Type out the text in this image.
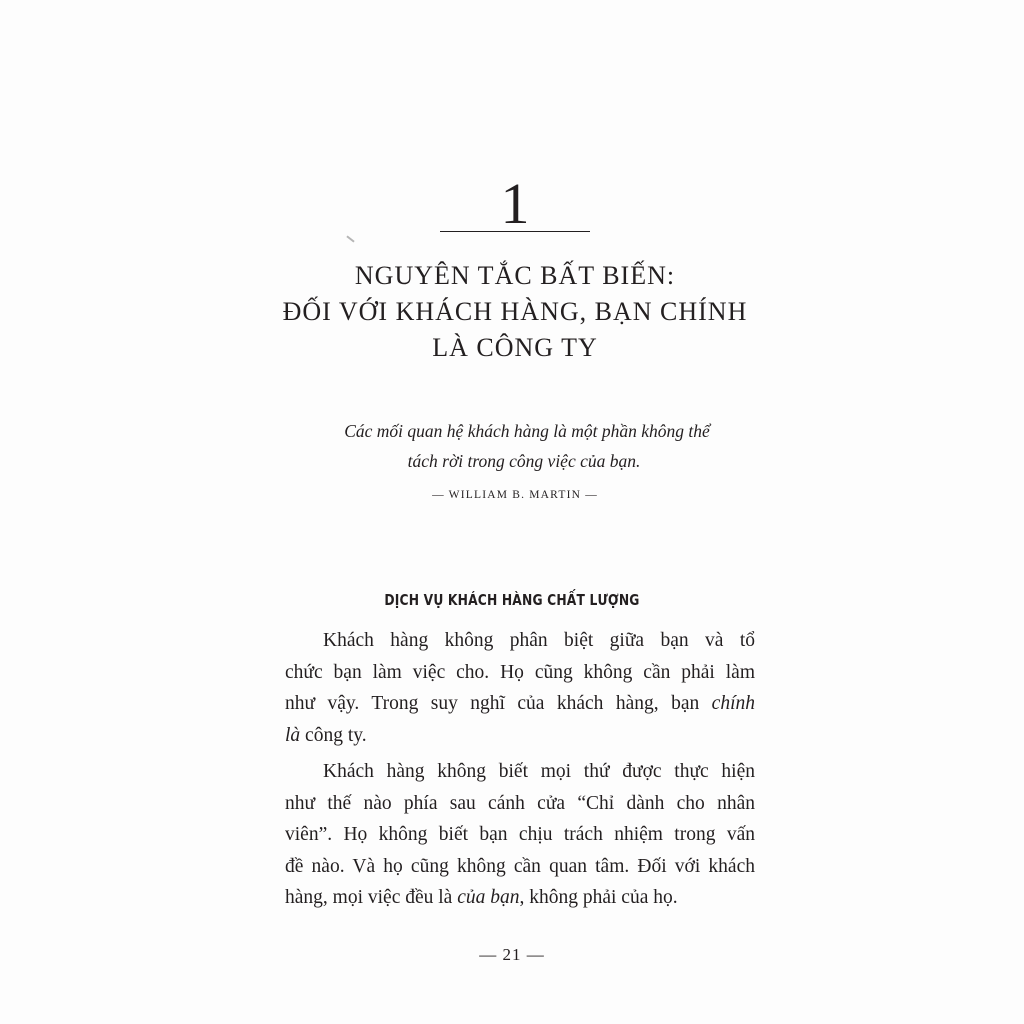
1
NGUYÊN TẮC BẤT BIẾN:
ĐỐI VỚI KHÁCH HÀNG, BẠN CHÍNH
LÀ CÔNG TY
Các mối quan hệ khách hàng là một phần không thể
tách rời trong công việc của bạn.
— WILLIAM B. MARTIN —
DỊCH VỤ KHÁCH HÀNG CHẤT LƯỢNG
Khách hàng không phân biệt giữa bạn và tổ
chức bạn làm việc cho. Họ cũng không cần phải làm
như vậy. Trong suy nghĩ của khách hàng, bạn chính
là công ty.
Khách hàng không biết mọi thứ được thực hiện
như thế nào phía sau cánh cửa “Chỉ dành cho nhân
viên”. Họ không biết bạn chịu trách nhiệm trong vấn
đề nào. Và họ cũng không cần quan tâm. Đối với khách
hàng, mọi việc đều là của bạn, không phải của họ.
— 21 —
